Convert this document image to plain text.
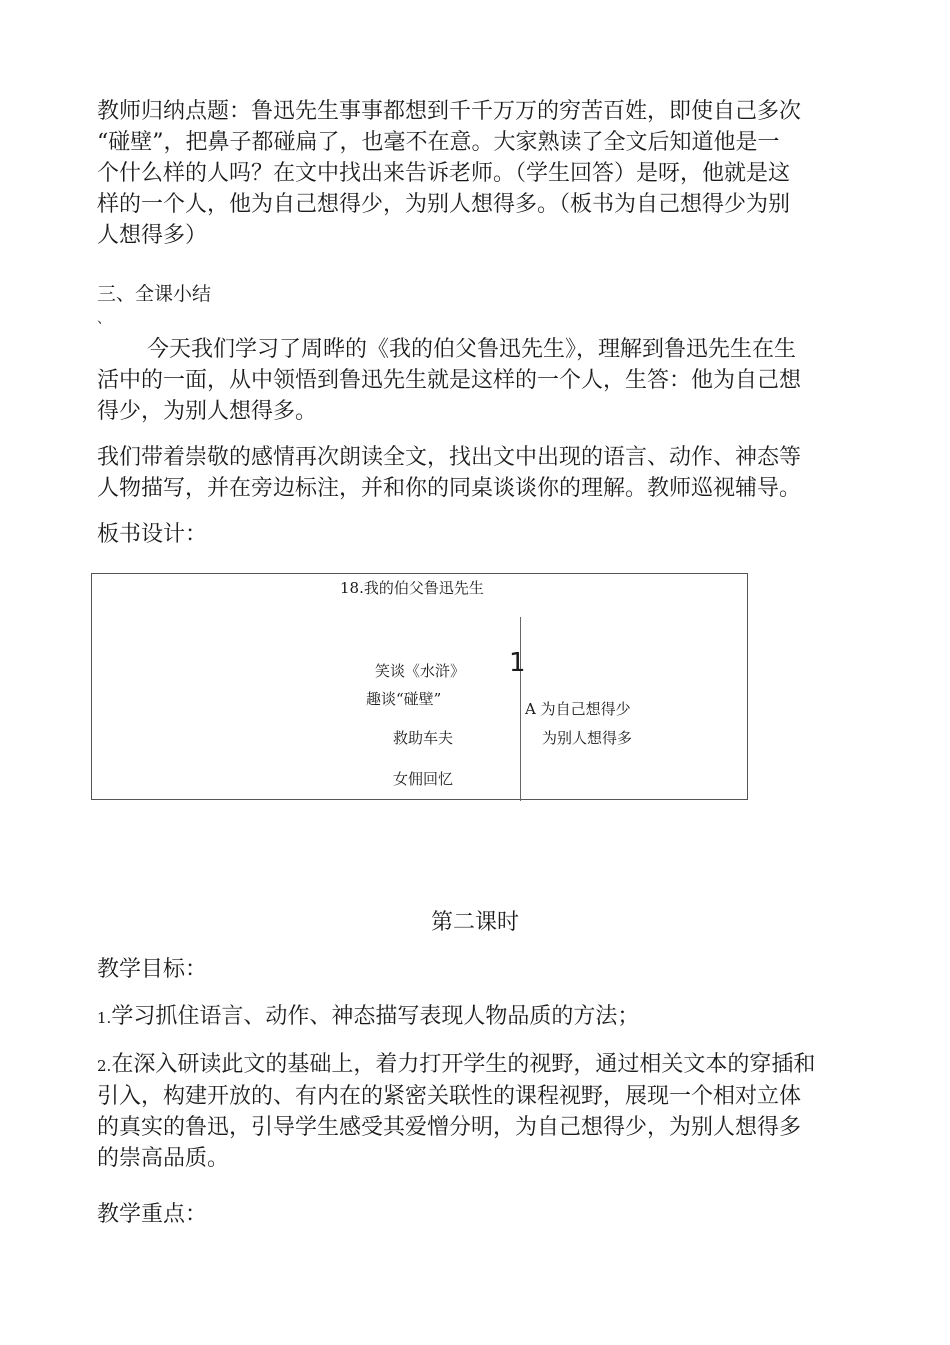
教师归纳点题：鲁迅先生事事都想到千千万万的穷苦百姓，即使自己多次
“碰壁”，把鼻子都碰扁了，也毫不在意。大家熟读了全文后知道他是一
个什么样的人吗？在文中找出来告诉老师。（学生回答）是呀，他就是这
样的一个人，他为自己想得少，为别人想得多。（板书为自己想得少为别
人想得多）
三、全课小结
、
今天我们学习了周晔的《我的伯父鲁迅先生》，理解到鲁迅先生在生
活中的一面，从中领悟到鲁迅先生就是这样的一个人，生答：他为自己想
得少，为别人想得多。
我们带着崇敬的感情再次朗读全文，找出文中出现的语言、动作、神态等
人物描写，并在旁边标注，并和你的同桌谈谈你的理解。教师巡视辅导。
板书设计：
18.我的伯父鲁迅先生
笑谈《水浒》
趣谈“碰壁”
救助车夫
女佣回忆
1
A 为自己想得少
为别人想得多
第二课时
教学目标：
1.学习抓住语言、动作、神态描写表现人物品质的方法；
2.在深入研读此文的基础上，着力打开学生的视野，通过相关文本的穿插和
引入，构建开放的、有内在的紧密关联性的课程视野，展现一个相对立体
的真实的鲁迅，引导学生感受其爱憎分明，为自己想得少，为别人想得多
的崇高品质。
教学重点：
